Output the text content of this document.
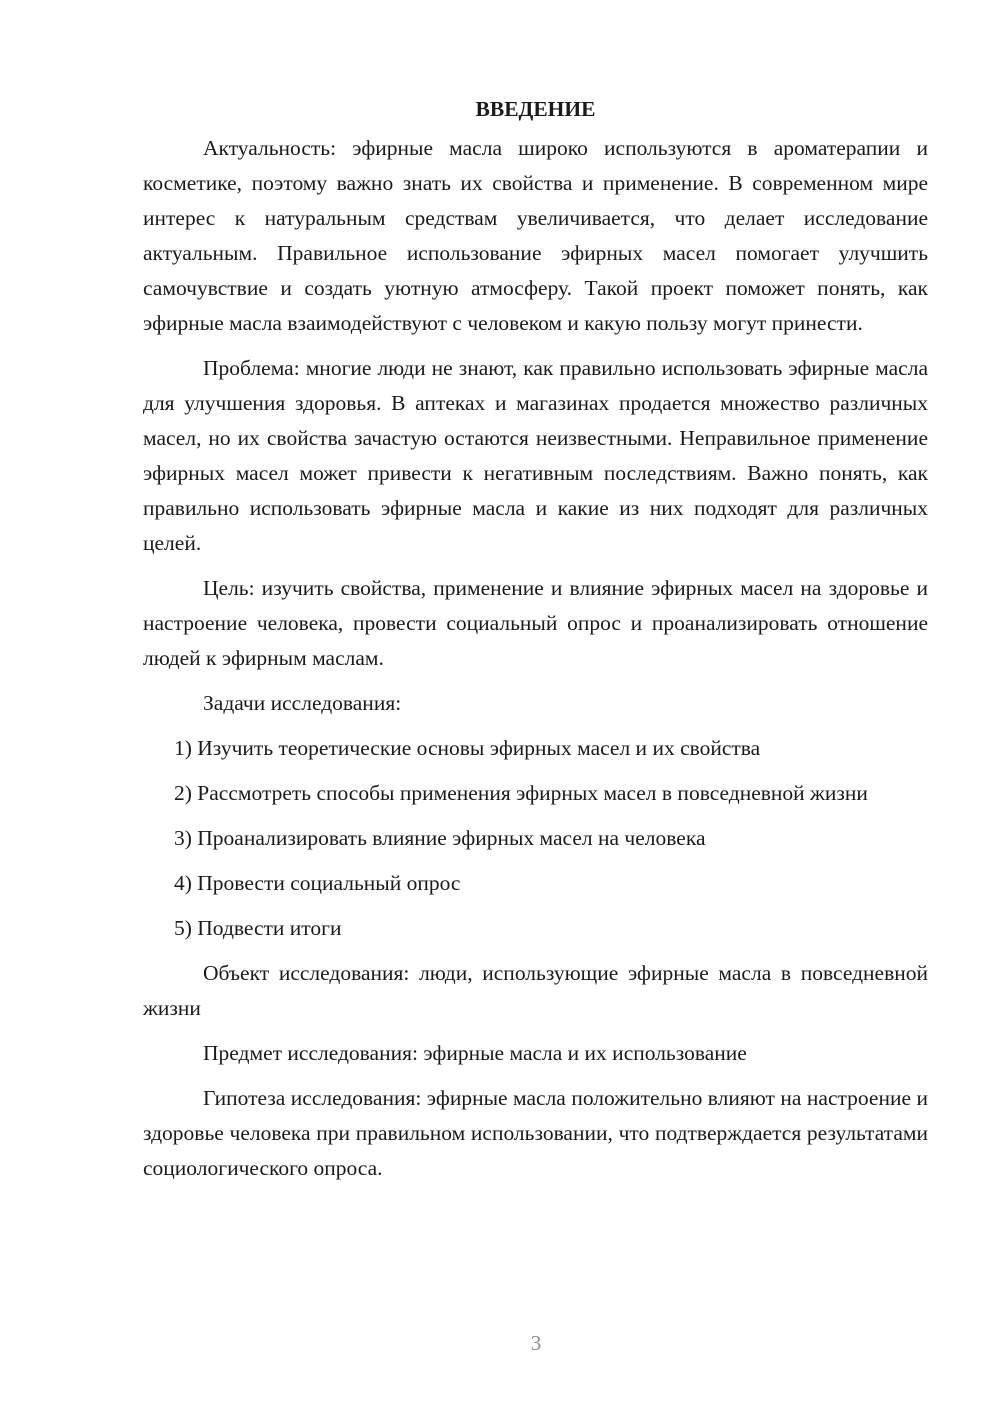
ВВЕДЕНИЕ

Актуальность: эфирные масла широко используются в ароматерапии и косметике, поэтому важно знать их свойства и применение. В современном мире интерес к натуральным средствам увеличивается, что делает исследование актуальным. Правильное использование эфирных масел помогает улучшить самочувствие и создать уютную атмосферу. Такой проект поможет понять, как эфирные масла взаимодействуют с человеком и какую пользу могут принести.

Проблема: многие люди не знают, как правильно использовать эфирные масла для улучшения здоровья. В аптеках и магазинах продается множество различных масел, но их свойства зачастую остаются неизвестными. Неправильное применение эфирных масел может привести к негативным последствиям. Важно понять, как правильно использовать эфирные масла и какие из них подходят для различных целей.

Цель: изучить свойства, применение и влияние эфирных масел на здоровье и настроение человека, провести социальный опрос и проанализировать отношение людей к эфирным маслам.

Задачи исследования:

1) Изучить теоретические основы эфирных масел и их свойства

2) Рассмотреть способы применения эфирных масел в повседневной жизни

3) Проанализировать влияние эфирных масел на человека

4) Провести социальный опрос

5) Подвести итоги

Объект исследования: люди, использующие эфирные масла в повседневной жизни

Предмет исследования: эфирные масла и их использование

Гипотеза исследования: эфирные масла положительно влияют на настроение и здоровье человека при правильном использовании, что подтверждается результатами социологического опроса.

3
